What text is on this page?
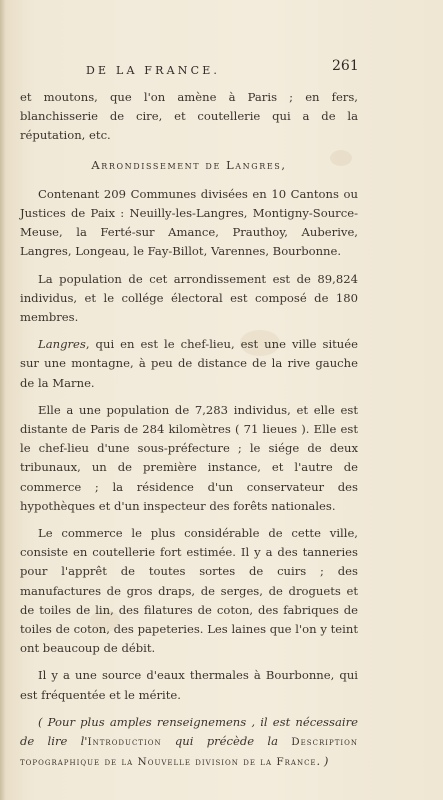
DE LA FRANCE.	261

et moutons, que l'on amène à Paris ; en fers, blanchisserie de cire, et coutellerie qui a de la réputation, etc.

Arrondissement de Langres,

Contenant 209 Communes divisées en 10 Cantons ou Justices de Paix : Neuilly-les-Langres, Montigny-Source-Meuse, la Ferté-sur Amance, Prauthoy, Auberive, Langres, Longeau, le Fay-Billot, Varennes, Bourbonne.

La population de cet arrondissement est de 89,824 individus, et le collége électoral est composé de 180 membres.

Langres, qui en est le chef-lieu, est une ville située sur une montagne, à peu de distance de la rive gauche de la Marne.

Elle a une population de 7,283 individus, et elle est distante de Paris de 284 kilomètres ( 71 lieues ). Elle est le chef-lieu d'une sous-préfecture ; le siége de deux tribunaux, un de première instance, et l'autre de commerce ; la résidence d'un conservateur des hypothèques et d'un inspecteur des forêts nationales.

Le commerce le plus considérable de cette ville, consiste en coutellerie fort estimée. Il y a des tanneries pour l'apprêt de toutes sortes de cuirs ; des manufactures de gros draps, de serges, de droguets et de toiles de lin, des filatures de coton, des fabriques de toiles de coton, des papeteries. Les laines que l'on y teint ont beaucoup de débit.

Il y a une source d'eaux thermales à Bourbonne, qui est fréquentée et le mérite.

( Pour plus amples renseignemens , il est nécessaire de lire l'Introduction qui précède la Description topographique de la Nouvelle division de la France. )
